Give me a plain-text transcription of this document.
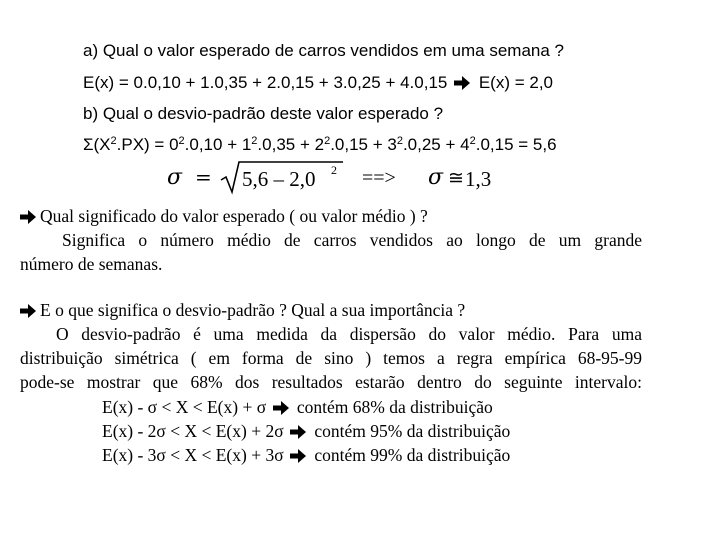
a) Qual o valor esperado de carros vendidos em uma semana ?
E(x) = 0.0,10 + 1.0,35 + 2.0,15 + 3.0,25 + 4.0,15 E(x) = 2,0
b) Qual o desvio-padrão deste valor esperado ?
$\Sigma(X^2.PX) = 0^2.0,10 + 1^2.0,35 + 2^2.0,15 + 3^2.0,25 + 4^2.0,15 = 5,6$
σ = 5,6 – 2,0 2 ==> σ ≅ 1,3
Qual significado do valor esperado ( ou valor médio ) ?
Significa o número médio de carros vendidos ao longo de um grande
número de semanas.
E o que significa o desvio-padrão ? Qual a sua importância ?
O desvio-padrão é uma medida da dispersão do valor médio. Para uma
distribuição simétrica ( em forma de sino ) temos a regra empírica 68-95-99
pode-se mostrar que 68% dos resultados estarão dentro do seguinte intervalo:
E(x) - σ < X < E(x) + σ contém 68% da distribuição
E(x) - 2σ < X < E(x) + 2σ contém 95% da distribuição
E(x) - 3σ < X < E(x) + 3σ contém 99% da distribuição
